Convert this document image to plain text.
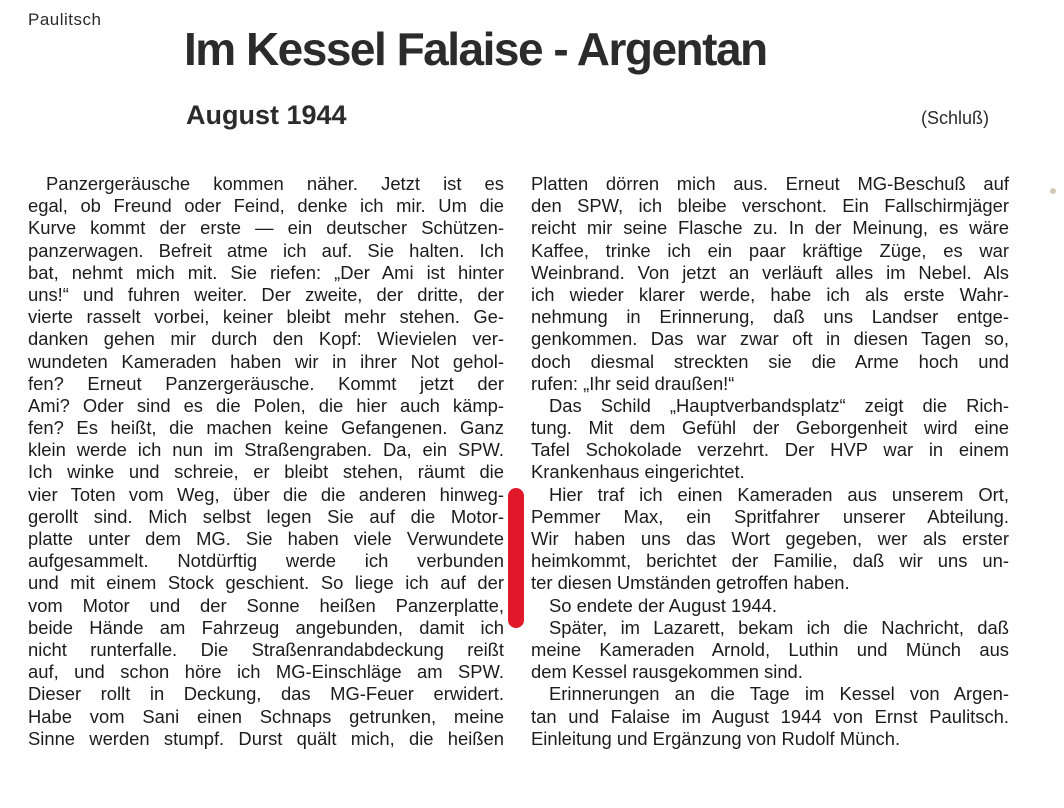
Paulitsch
Im Kessel Falaise - Argentan
August 1944	(Schluß)
Panzergeräusche kommen näher. Jetzt ist es
egal, ob Freund oder Feind, denke ich mir. Um die
Kurve kommt der erste — ein deutscher Schützen-
panzerwagen. Befreit atme ich auf. Sie halten. Ich
bat, nehmt mich mit. Sie riefen: „Der Ami ist hinter
uns!“ und fuhren weiter. Der zweite, der dritte, der
vierte rasselt vorbei, keiner bleibt mehr stehen. Ge-
danken gehen mir durch den Kopf: Wievielen ver-
wundeten Kameraden haben wir in ihrer Not gehol-
fen? Erneut Panzergeräusche. Kommt jetzt der
Ami? Oder sind es die Polen, die hier auch kämp-
fen? Es heißt, die machen keine Gefangenen. Ganz
klein werde ich nun im Straßengraben. Da, ein SPW.
Ich winke und schreie, er bleibt stehen, räumt die
vier Toten vom Weg, über die die anderen hinweg-
gerollt sind. Mich selbst legen Sie auf die Motor-
platte unter dem MG. Sie haben viele Verwundete
aufgesammelt. Notdürftig werde ich verbunden
und mit einem Stock geschient. So liege ich auf der
vom Motor und der Sonne heißen Panzerplatte,
beide Hände am Fahrzeug angebunden, damit ich
nicht runterfalle. Die Straßenrandabdeckung reißt
auf, und schon höre ich MG-Einschläge am SPW.
Dieser rollt in Deckung, das MG-Feuer erwidert.
Habe vom Sani einen Schnaps getrunken, meine
Sinne werden stumpf. Durst quält mich, die heißen
Platten dörren mich aus. Erneut MG-Beschuß auf
den SPW, ich bleibe verschont. Ein Fallschirmjäger
reicht mir seine Flasche zu. In der Meinung, es wäre
Kaffee, trinke ich ein paar kräftige Züge, es war
Weinbrand. Von jetzt an verläuft alles im Nebel. Als
ich wieder klarer werde, habe ich als erste Wahr-
nehmung in Erinnerung, daß uns Landser entge-
genkommen. Das war zwar oft in diesen Tagen so,
doch diesmal streckten sie die Arme hoch und
rufen: „Ihr seid draußen!“
Das Schild „Hauptverbandsplatz“ zeigt die Rich-
tung. Mit dem Gefühl der Geborgenheit wird eine
Tafel Schokolade verzehrt. Der HVP war in einem
Krankenhaus eingerichtet.
Hier traf ich einen Kameraden aus unserem Ort,
Pemmer Max, ein Spritfahrer unserer Abteilung.
Wir haben uns das Wort gegeben, wer als erster
heimkommt, berichtet der Familie, daß wir uns un-
ter diesen Umständen getroffen haben.
So endete der August 1944.
Später, im Lazarett, bekam ich die Nachricht, daß
meine Kameraden Arnold, Luthin und Münch aus
dem Kessel rausgekommen sind.
Erinnerungen an die Tage im Kessel von Argen-
tan und Falaise im August 1944 von Ernst Paulitsch.
Einleitung und Ergänzung von Rudolf Münch.
